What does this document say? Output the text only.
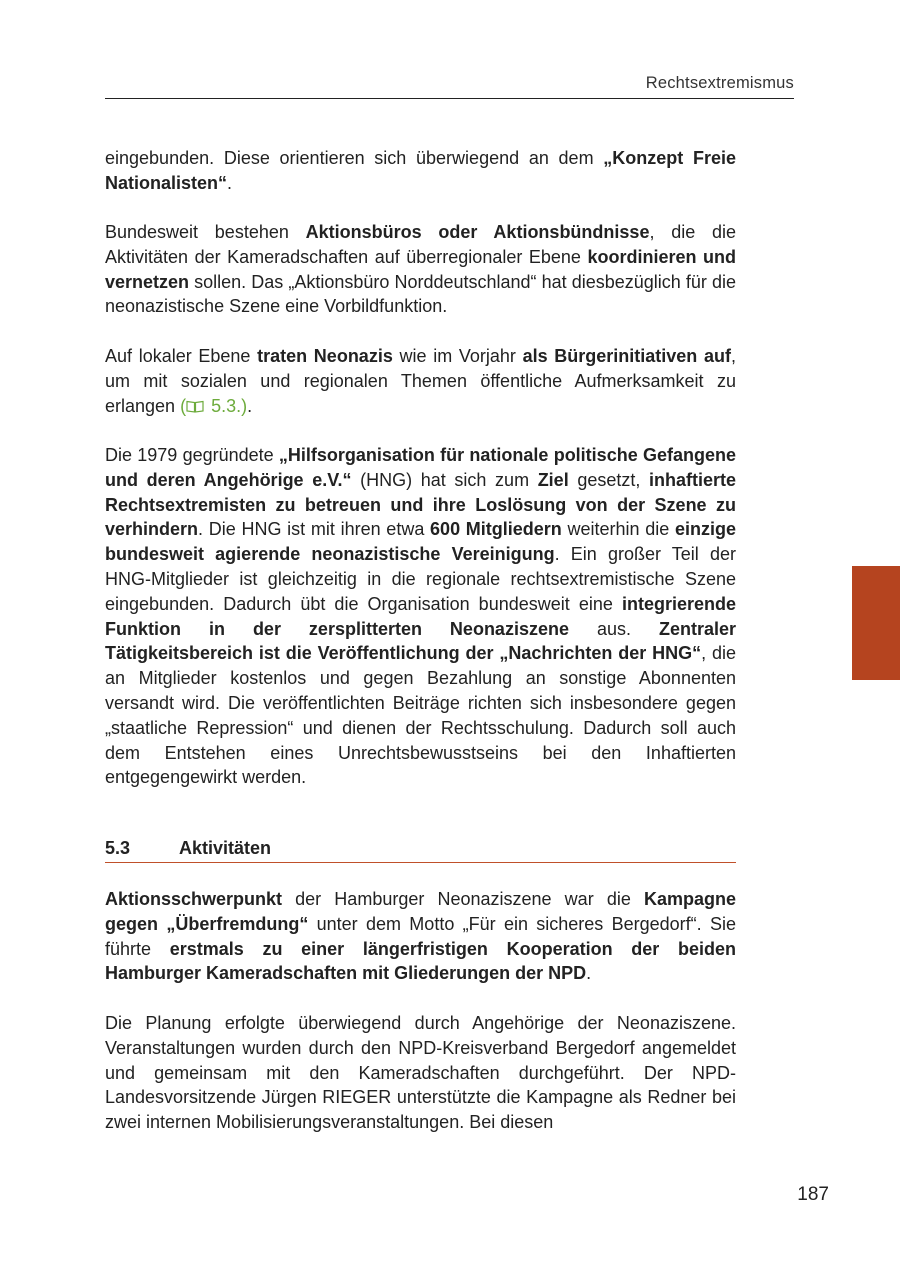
Rechtsextremismus
eingebunden. Diese orientieren sich überwiegend an dem „Konzept Freie Nationalisten“.
Bundesweit bestehen Aktionsbüros oder Aktionsbündnisse, die die Aktivitäten der Kameradschaften auf überregionaler Ebene koordinieren und vernetzen sollen. Das „Aktionsbüro Norddeutschland“ hat diesbezüglich für die neonazistische Szene eine Vorbildfunktion.
Auf lokaler Ebene traten Neonazis wie im Vorjahr als Bürgerinitiativen auf, um mit sozialen und regionalen Themen öffentliche Aufmerksamkeit zu erlangen ( 5.3.).
Die 1979 gegründete „Hilfsorganisation für nationale politische Gefangene und deren Angehörige e.V.“ (HNG) hat sich zum Ziel gesetzt, inhaftierte Rechtsextremisten zu betreuen und ihre Loslösung von der Szene zu verhindern. Die HNG ist mit ihren etwa 600 Mitgliedern weiterhin die einzige bundesweit agierende neonazistische Vereinigung. Ein großer Teil der HNG-Mitglieder ist gleichzeitig in die regionale rechtsextremistische Szene eingebunden. Dadurch übt die Organisation bundesweit eine integrierende Funktion in der zersplitterten Neonaziszene aus. Zentraler Tätigkeitsbereich ist die Veröffentlichung der „Nachrichten der HNG“, die an Mitglieder kostenlos und gegen Bezahlung an sonstige Abonnenten versandt wird. Die veröffentlichten Beiträge richten sich insbesondere gegen „staatliche Repression“ und dienen der Rechtsschulung. Dadurch soll auch dem Entstehen eines Unrechtsbewusstseins bei den Inhaftierten entgegengewirkt werden.
5.3	Aktivitäten
Aktionsschwerpunkt der Hamburger Neonaziszene war die Kampagne gegen „Überfremdung“ unter dem Motto „Für ein sicheres Bergedorf“. Sie führte erstmals zu einer längerfristigen Kooperation der beiden Hamburger Kameradschaften mit Gliederungen der NPD.
Die Planung erfolgte überwiegend durch Angehörige der Neonaziszene. Veranstaltungen wurden durch den NPD-Kreisverband Bergedorf angemeldet und gemeinsam mit den Kameradschaften durchgeführt. Der NPD-Landesvorsitzende Jürgen RIEGER unterstützte die Kampagne als Redner bei zwei internen Mobilisierungsveranstaltungen. Bei diesen
187
